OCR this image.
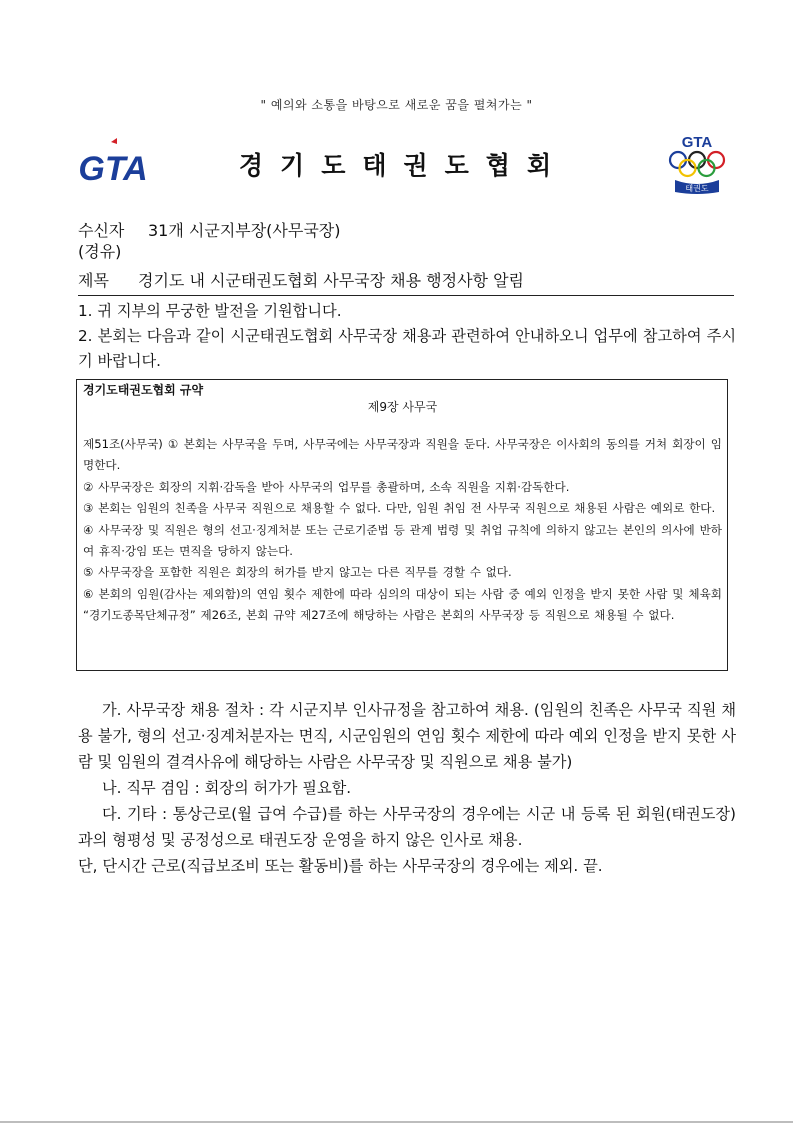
" 예의와 소통을 바탕으로 새로운 꿈을 펼쳐가는 "
GTA	경기도태권도협회
GTA
태권도
수신자 31개 시군지부장(사무국장)
(경유)
제목 경기도 내 시군태권도협회 사무국장 채용 행정사항 알림
1. 귀 지부의 무궁한 발전을 기원합니다.
2. 본회는 다음과 같이 시군태권도협회 사무국장 채용과 관련하여 안내하오니 업무에 참고하여 주시기 바랍니다.
경기도태권도협회 규약
제9장 사무국
제51조(사무국) ① 본회는 사무국을 두며, 사무국에는 사무국장과 직원을 둔다. 사무국장은 이사회의 동의를 거쳐 회장이 임명한다.
② 사무국장은 회장의 지휘·감독을 받아 사무국의 업무를 총괄하며, 소속 직원을 지휘·감독한다.
③ 본회는 임원의 친족을 사무국 직원으로 채용할 수 없다. 다만, 임원 취임 전 사무국 직원으로 채용된 사람은 예외로 한다.
④ 사무국장 및 직원은 형의 선고·징계처분 또는 근로기준법 등 관계 법령 및 취업 규칙에 의하지 않고는 본인의 의사에 반하여 휴직·강임 또는 면직을 당하지 않는다.
⑤ 사무국장을 포함한 직원은 회장의 허가를 받지 않고는 다른 직무를 경할 수 없다.
⑥ 본회의 임원(감사는 제외함)의 연임 횟수 제한에 따라 심의의 대상이 되는 사람 중 예외 인정을 받지 못한 사람 및 체육회 “경기도종목단체규정” 제26조, 본회 규약 제27조에 해당하는 사람은 본회의 사무국장 등 직원으로 채용될 수 없다.
가. 사무국장 채용 절차 : 각 시군지부 인사규정을 참고하여 채용. (임원의 친족은 사무국 직원 채용 불가, 형의 선고·징계처분자는 면직, 시군임원의 연임 횟수 제한에 따라 예외 인정을 받지 못한 사람 및 임원의 결격사유에 해당하는 사람은 사무국장 및 직원으로 채용 불가)
나. 직무 겸임 : 회장의 허가가 필요함.
다. 기타 : 통상근로(월 급여 수급)를 하는 사무국장의 경우에는 시군 내 등록 된 회원(태권도장)과의 형평성 및 공정성으로 태권도장 운영을 하지 않은 인사로 채용.
단, 단시간 근로(직급보조비 또는 활동비)를 하는 사무국장의 경우에는 제외. 끝.
